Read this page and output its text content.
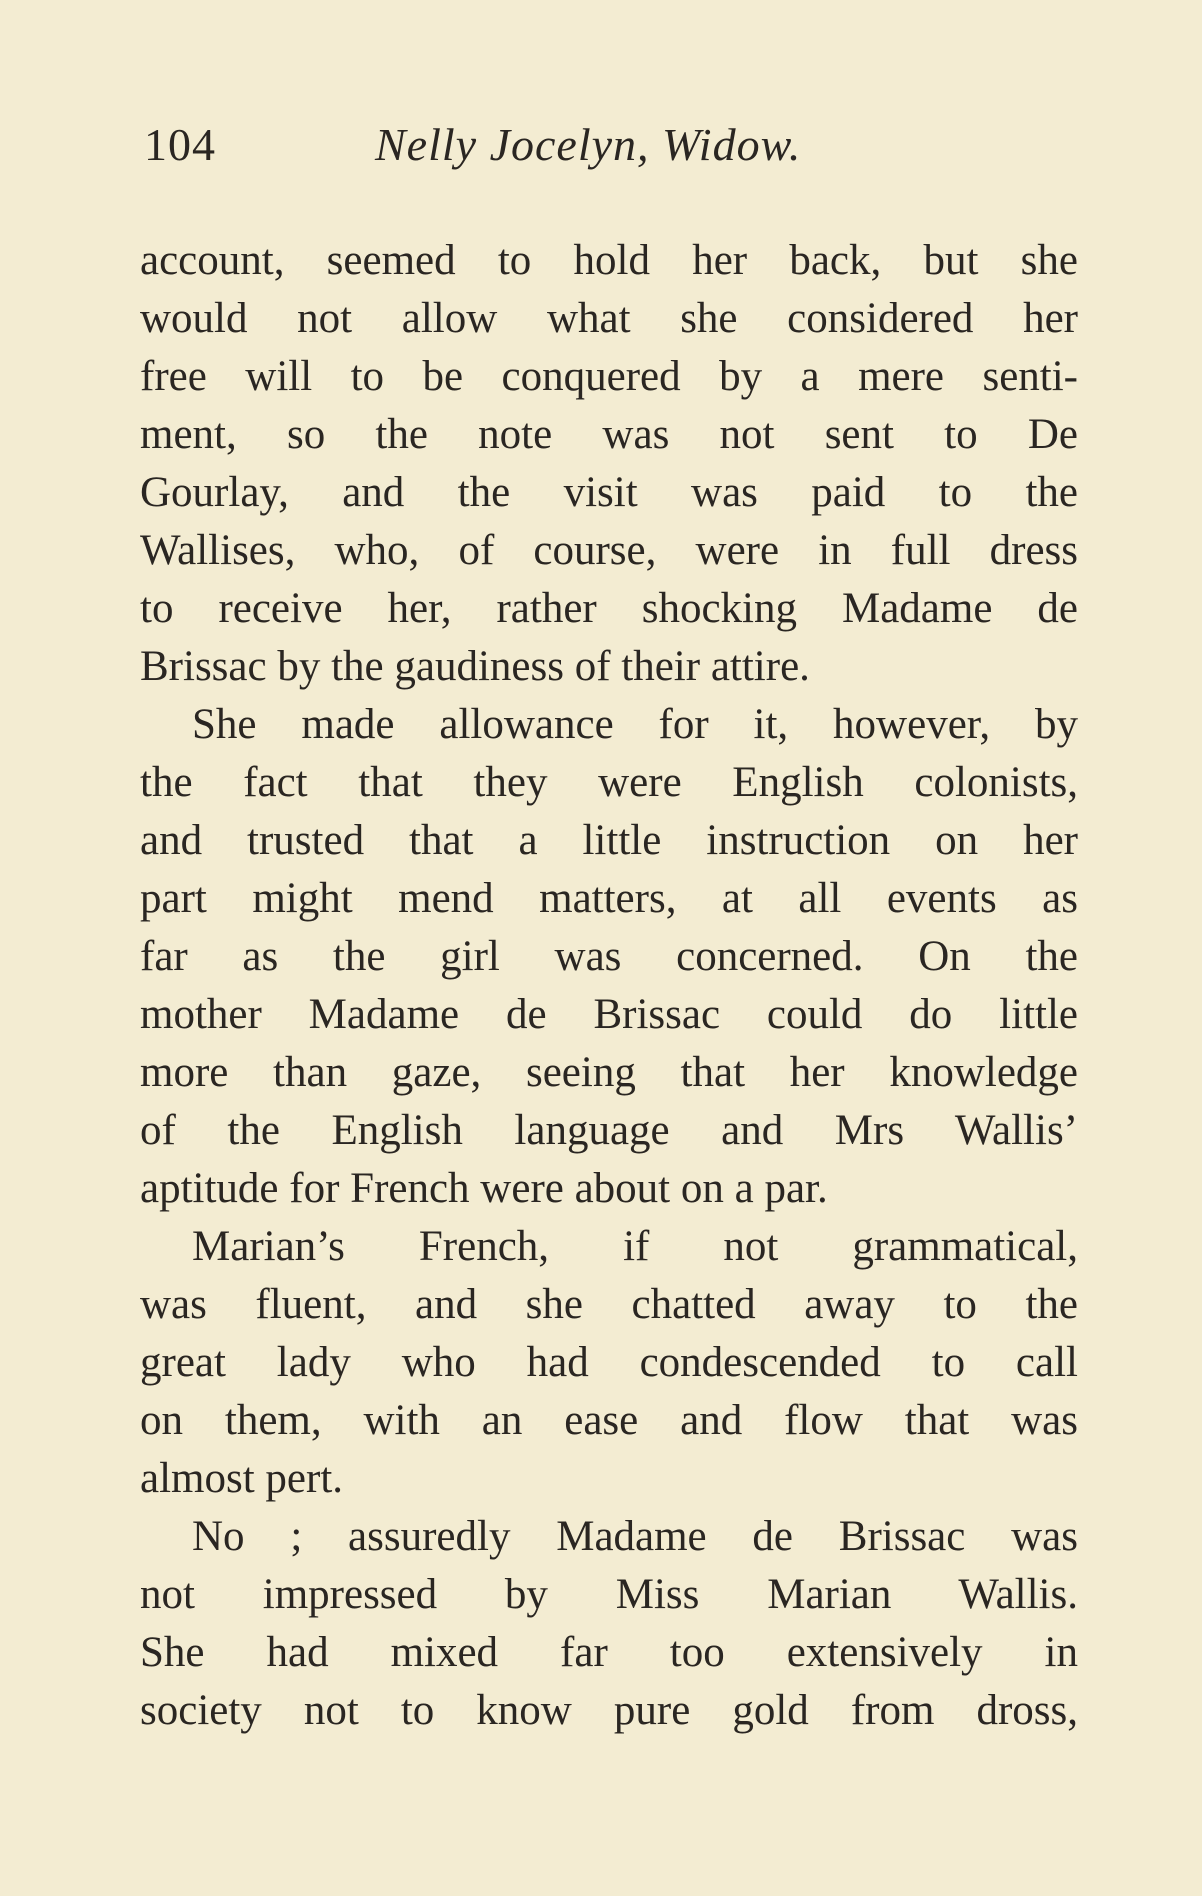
104	Nelly Jocelyn, Widow.
account, seemed to hold her back, but she
would not allow what she considered her
free will to be conquered by a mere senti-
ment, so the note was not sent to De
Gourlay, and the visit was paid to the
Wallises, who, of course, were in full dress
to receive her, rather shocking Madame de
Brissac by the gaudiness of their attire.
She made allowance for it, however, by
the fact that they were English colonists,
and trusted that a little instruction on her
part might mend matters, at all events as
far as the girl was concerned. On the
mother Madame de Brissac could do little
more than gaze, seeing that her knowledge
of the English language and Mrs Wallis’
aptitude for French were about on a par.
Marian’s French, if not grammatical,
was fluent, and she chatted away to the
great lady who had condescended to call
on them, with an ease and flow that was
almost pert.
No ; assuredly Madame de Brissac was
not impressed by Miss Marian Wallis.
She had mixed far too extensively in
society not to know pure gold from dross,
